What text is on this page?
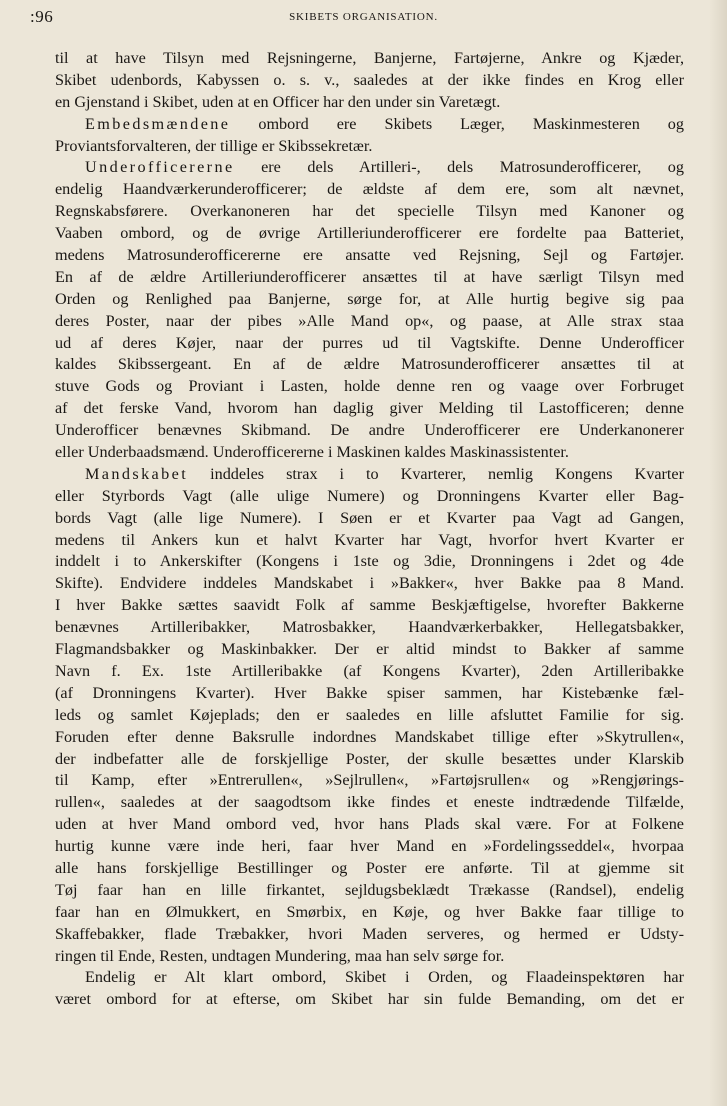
:96	SKIBETS ORGANISATION.
til at have Tilsyn med Rejsningerne, Banjerne, Fartøjerne, Ankre og Kjæder,
Skibet udenbords, Kabyssen o. s. v., saaledes at der ikke findes en Krog eller
en Gjenstand i Skibet, uden at en Officer har den under sin Varetægt.
Embedsmændene ombord ere Skibets Læger, Maskinmesteren og
Proviantsforvalteren, der tillige er Skibssekretær.
Underofficererne ere dels Artilleri-, dels Matrosunderofficerer, og
endelig Haandværkerunderofficerer; de ældste af dem ere, som alt nævnet,
Regnskabsførere. Overkanoneren har det specielle Tilsyn med Kanoner og
Vaaben ombord, og de øvrige Artilleriunderofficerer ere fordelte paa Batteriet,
medens Matrosunderofficererne ere ansatte ved Rejsning, Sejl og Fartøjer.
En af de ældre Artilleriunderofficerer ansættes til at have særligt Tilsyn med
Orden og Renlighed paa Banjerne, sørge for, at Alle hurtig begive sig paa
deres Poster, naar der pibes »Alle Mand op«, og paase, at Alle strax staa
ud af deres Køjer, naar der purres ud til Vagtskifte. Denne Underofficer
kaldes Skibssergeant. En af de ældre Matrosunderofficerer ansættes til at
stuve Gods og Proviant i Lasten, holde denne ren og vaage over Forbruget
af det ferske Vand, hvorom han daglig giver Melding til Lastofficeren; denne
Underofficer benævnes Skibmand. De andre Underofficerer ere Underkanonerer
eller Underbaadsmænd. Underofficererne i Maskinen kaldes Maskinassistenter.
Mandskabet inddeles strax i to Kvarterer, nemlig Kongens Kvarter
eller Styrbords Vagt (alle ulige Numere) og Dronningens Kvarter eller Bag-
bords Vagt (alle lige Numere). I Søen er et Kvarter paa Vagt ad Gangen,
medens til Ankers kun et halvt Kvarter har Vagt, hvorfor hvert Kvarter er
inddelt i to Ankerskifter (Kongens i 1ste og 3die, Dronningens i 2det og 4de
Skifte). Endvidere inddeles Mandskabet i »Bakker«, hver Bakke paa 8 Mand.
I hver Bakke sættes saavidt Folk af samme Beskjæftigelse, hvorefter Bakkerne
benævnes Artilleribakker, Matrosbakker, Haandværkerbakker, Hellegatsbakker,
Flagmandsbakker og Maskinbakker. Der er altid mindst to Bakker af samme
Navn f. Ex. 1ste Artilleribakke (af Kongens Kvarter), 2den Artilleribakke
(af Dronningens Kvarter). Hver Bakke spiser sammen, har Kistebænke fæl-
leds og samlet Køjeplads; den er saaledes en lille afsluttet Familie for sig.
Foruden efter denne Baksrulle indordnes Mandskabet tillige efter »Skytrullen«,
der indbefatter alle de forskjellige Poster, der skulle besættes under Klarskib
til Kamp, efter »Entrerullen«, »Sejlrullen«, »Fartøjsrullen« og »Rengjørings-
rullen«, saaledes at der saagodtsom ikke findes et eneste indtrædende Tilfælde,
uden at hver Mand ombord ved, hvor hans Plads skal være. For at Folkene
hurtig kunne være inde heri, faar hver Mand en »Fordelingsseddel«, hvorpaa
alle hans forskjellige Bestillinger og Poster ere anførte. Til at gjemme sit
Tøj faar han en lille firkantet, sejldugsbeklædt Trækasse (Randsel), endelig
faar han en Ølmukkert, en Smørbix, en Køje, og hver Bakke faar tillige to
Skaffebakker, flade Træbakker, hvori Maden serveres, og hermed er Udsty-
ringen til Ende, Resten, undtagen Mundering, maa han selv sørge for.
Endelig er Alt klart ombord, Skibet i Orden, og Flaadeinspektøren har
været ombord for at efterse, om Skibet har sin fulde Bemanding, om det er
